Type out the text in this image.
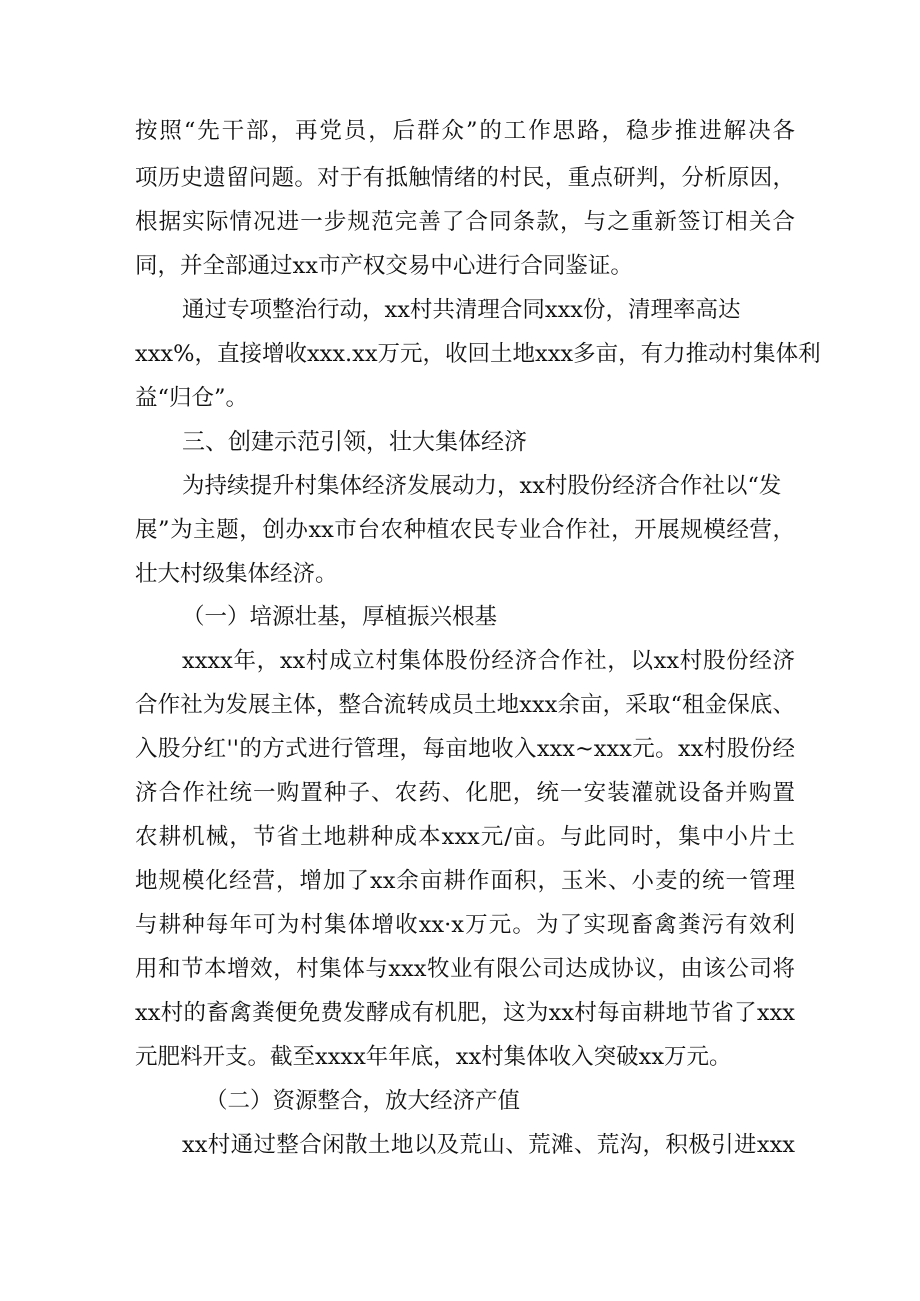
按照“先干部，再党员，后群众”的工作思路，稳步推进解决各
项历史遗留问题。对于有抵触情绪的村民，重点研判，分析原因，
根据实际情况进一步规范完善了合同条款，与之重新签订相关合
同，并全部通过xx市产权交易中心进行合同鉴证。
通过专项整治行动，xx村共清理合同xxx份，清理率高达
xxx%，直接增收xxx.xx万元，收回土地xxx多亩，有力推动村集体利
益“归仓”。
三、创建示范引领，壮大集体经济
为持续提升村集体经济发展动力，xx村股份经济合作社以“发
展”为主题，创办xx市台农种植农民专业合作社，开展规模经营，
壮大村级集体经济。
（一）培源壮基，厚植振兴根基
xxxx年，xx村成立村集体股份经济合作社，以xx村股份经济
合作社为发展主体，整合流转成员土地xxx余亩，采取“租金保底、
入股分红''的方式进行管理，每亩地收入xxx~xxx元。xx村股份经
济合作社统一购置种子、农药、化肥，统一安装灌就设备并购置
农耕机械，节省土地耕种成本xxx元/亩。与此同时，集中小片土
地规模化经营，增加了xx余亩耕作面积，玉米、小麦的统一管理
与耕种每年可为村集体增收xx·x万元。为了实现畜禽粪污有效利
用和节本增效，村集体与xxx牧业有限公司达成协议，由该公司将
xx村的畜禽粪便免费发酵成有机肥，这为xx村每亩耕地节省了xxx
元肥料开支。截至xxxx年年底，xx村集体收入突破xx万元。
（二）资源整合，放大经济产值
xx村通过整合闲散土地以及荒山、荒滩、荒沟，积极引进xxx
